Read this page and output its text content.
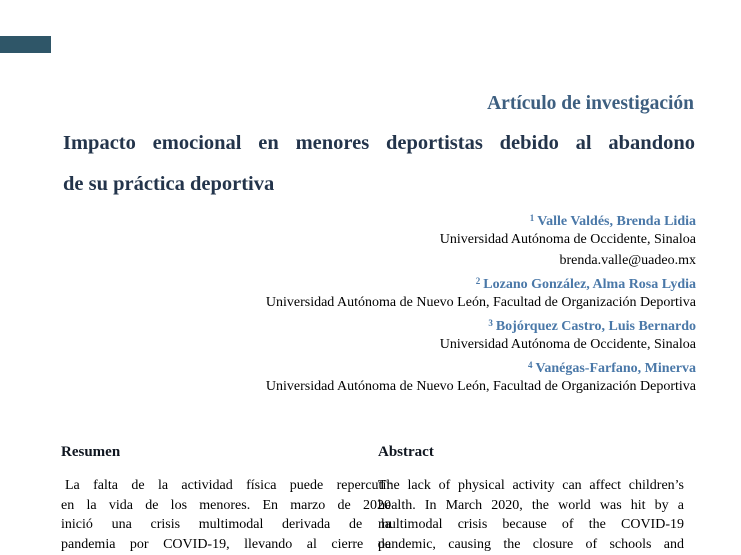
Artículo de investigación
Impacto emocional en menores deportistas debido al abandono
de su práctica deportiva
$^1$ Valle Valdés, Brenda Lidia
Universidad Autónoma de Occidente, Sinaloa
brenda.valle@uadeo.mx
$^2$ Lozano González, Alma Rosa Lydia
Universidad Autónoma de Nuevo León, Facultad de Organización Deportiva
$^3$ Bojórquez Castro, Luis Bernardo
Universidad Autónoma de Occidente, Sinaloa
$^4$ Vanégas-Farfano, Minerva
Universidad Autónoma de Nuevo León, Facultad de Organización Deportiva
Resumen
La falta de la actividad física puede repercutir
en la vida de los menores. En marzo de 2020
inició una crisis multimodal derivada de la
pandemia por COVID-19, llevando al cierre de
Abstract
The lack of physical activity can affect children’s
health. In March 2020, the world was hit by a
multimodal crisis because of the COVID-19
pandemic, causing the closure of schools and
